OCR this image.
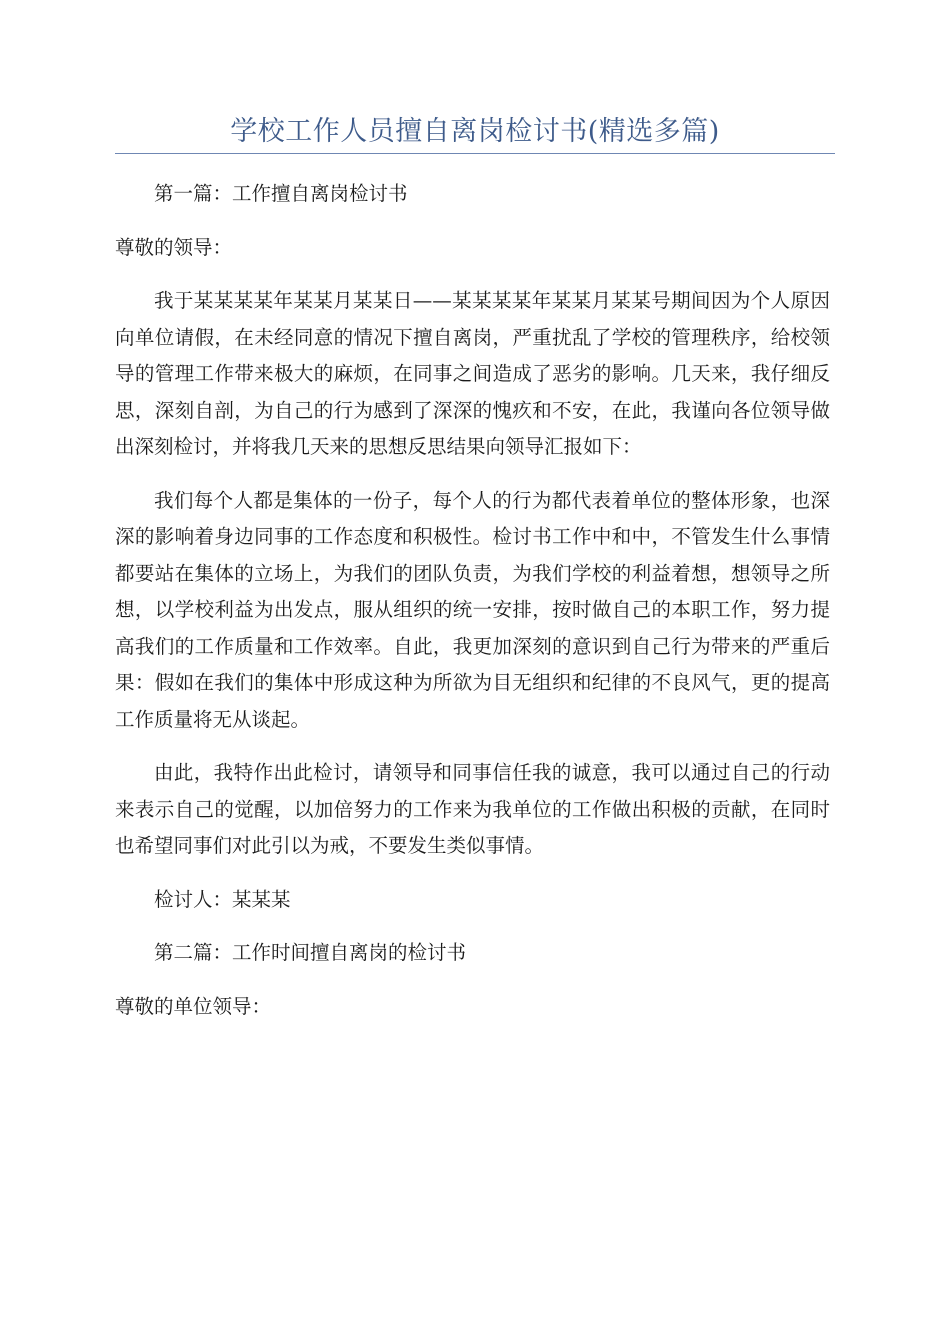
学校工作人员擅自离岗检讨书(精选多篇)

第一篇：工作擅自离岗检讨书

尊敬的领导：

我于某某某某年某某月某某日——某某某某年某某月某某号期间因为个人原因向单位请假，在未经同意的情况下擅自离岗，严重扰乱了学校的管理秩序，给校领导的管理工作带来极大的麻烦，在同事之间造成了恶劣的影响。几天来，我仔细反思，深刻自剖，为自己的行为感到了深深的愧疚和不安，在此，我谨向各位领导做出深刻检讨，并将我几天来的思想反思结果向领导汇报如下：

我们每个人都是集体的一份子，每个人的行为都代表着单位的整体形象，也深深的影响着身边同事的工作态度和积极性。检讨书工作中和中，不管发生什么事情都要站在集体的立场上，为我们的团队负责，为我们学校的利益着想，想领导之所想，以学校利益为出发点，服从组织的统一安排，按时做自己的本职工作，努力提高我们的工作质量和工作效率。自此，我更加深刻的意识到自己行为带来的严重后果：假如在我们的集体中形成这种为所欲为目无组织和纪律的不良风气，更的提高工作质量将无从谈起。

由此，我特作出此检讨，请领导和同事信任我的诚意，我可以通过自己的行动来表示自己的觉醒，以加倍努力的工作来为我单位的工作做出积极的贡献，在同时也希望同事们对此引以为戒，不要发生类似事情。

检讨人：某某某

第二篇：工作时间擅自离岗的检讨书

尊敬的单位领导：
